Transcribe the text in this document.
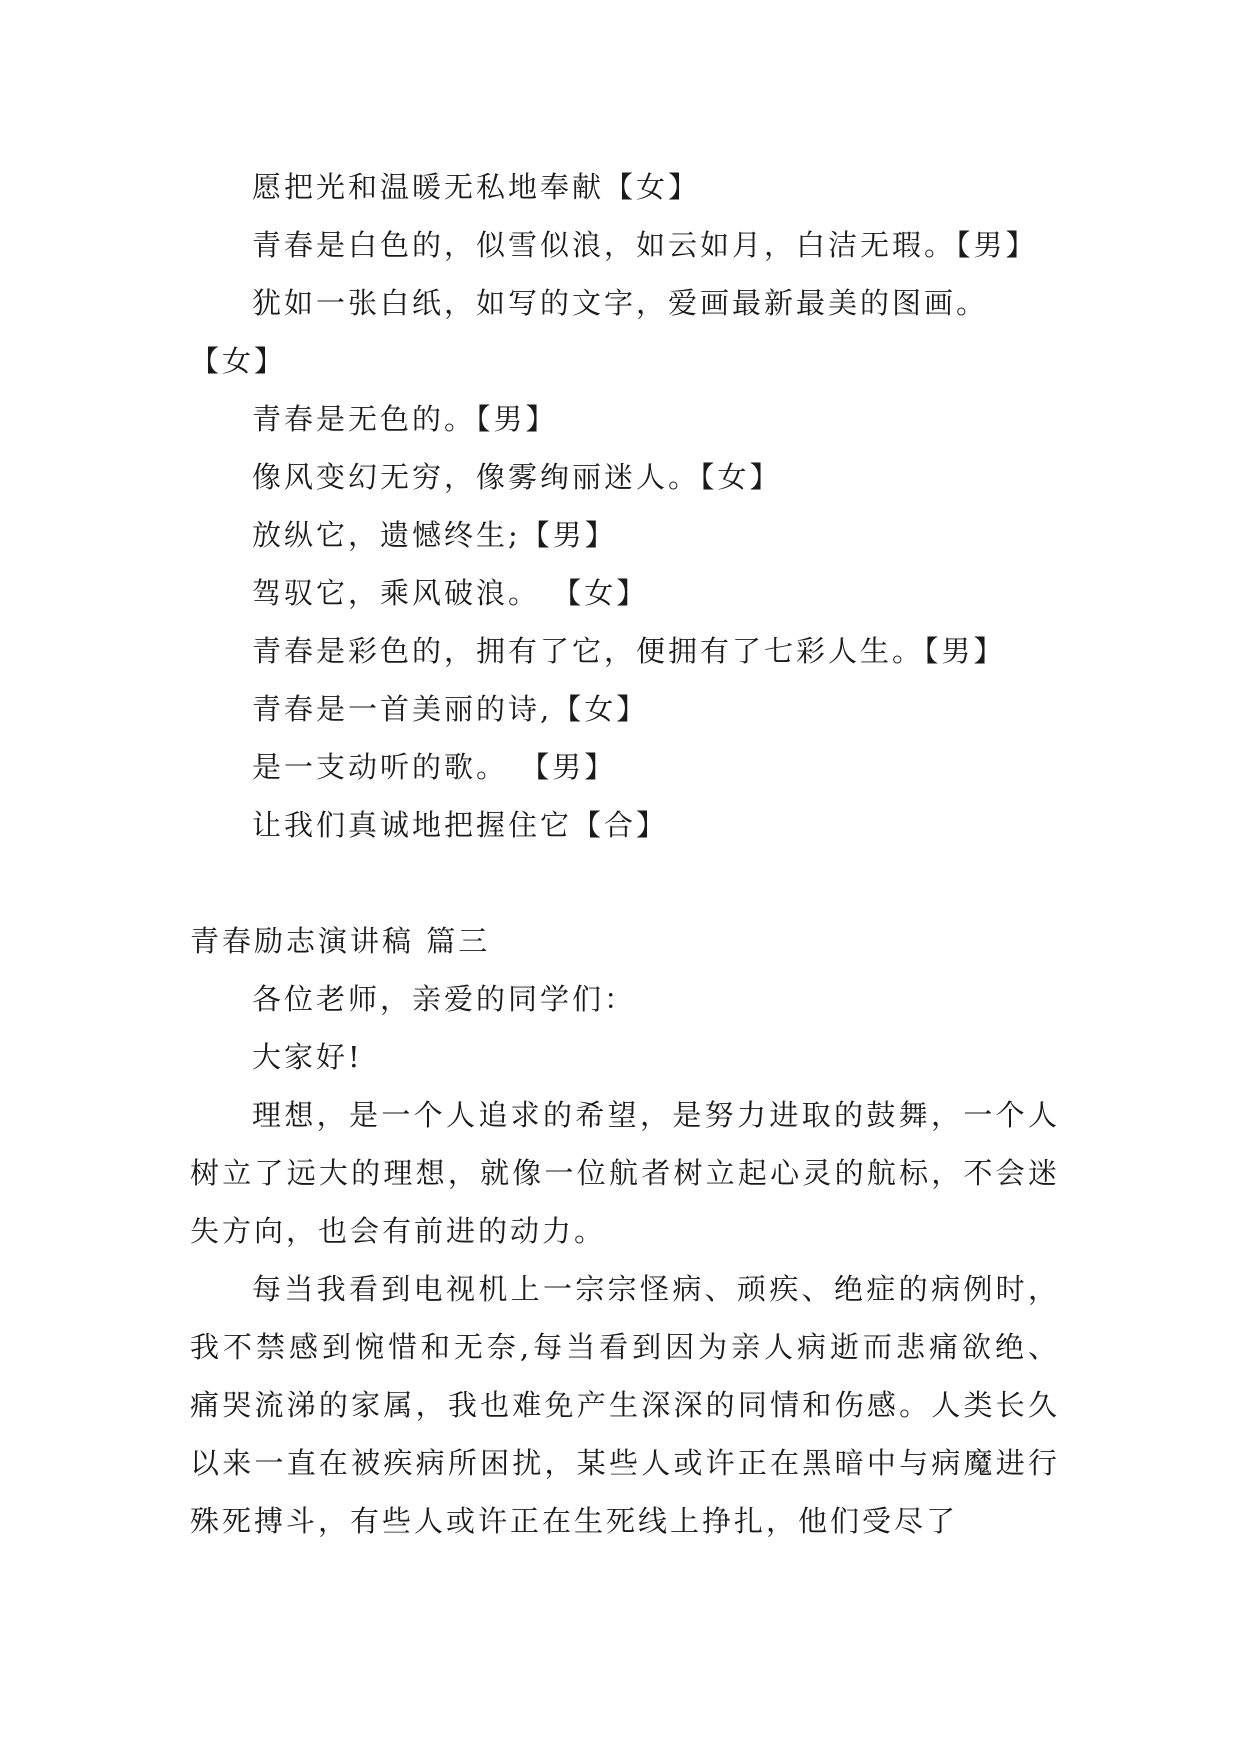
愿把光和温暖无私地奉献【女】

青春是白色的，似雪似浪，如云如月，白洁无瑕。【男】

犹如一张白纸，如写的文字，爱画最新最美的图画。

【女】

青春是无色的。【男】

像风变幻无穷，像雾绚丽迷人。【女】

放纵它，遗憾终生;【男】

驾驭它，乘风破浪。 【女】

青春是彩色的，拥有了它，便拥有了七彩人生。【男】

青春是一首美丽的诗,【女】

是一支动听的歌。 【男】

让我们真诚地把握住它【合】

青春励志演讲稿 篇三

各位老师，亲爱的同学们：

大家好!

理想，是一个人追求的希望，是努力进取的鼓舞，一个人树立了远大的理想，就像一位航者树立起心灵的航标，不会迷失方向，也会有前进的动力。

每当我看到电视机上一宗宗怪病、顽疾、绝症的病例时，我不禁感到惋惜和无奈,每当看到因为亲人病逝而悲痛欲绝、痛哭流涕的家属，我也难免产生深深的同情和伤感。人类长久以来一直在被疾病所困扰，某些人或许正在黑暗中与病魔进行殊死搏斗，有些人或许正在生死线上挣扎，他们受尽了
